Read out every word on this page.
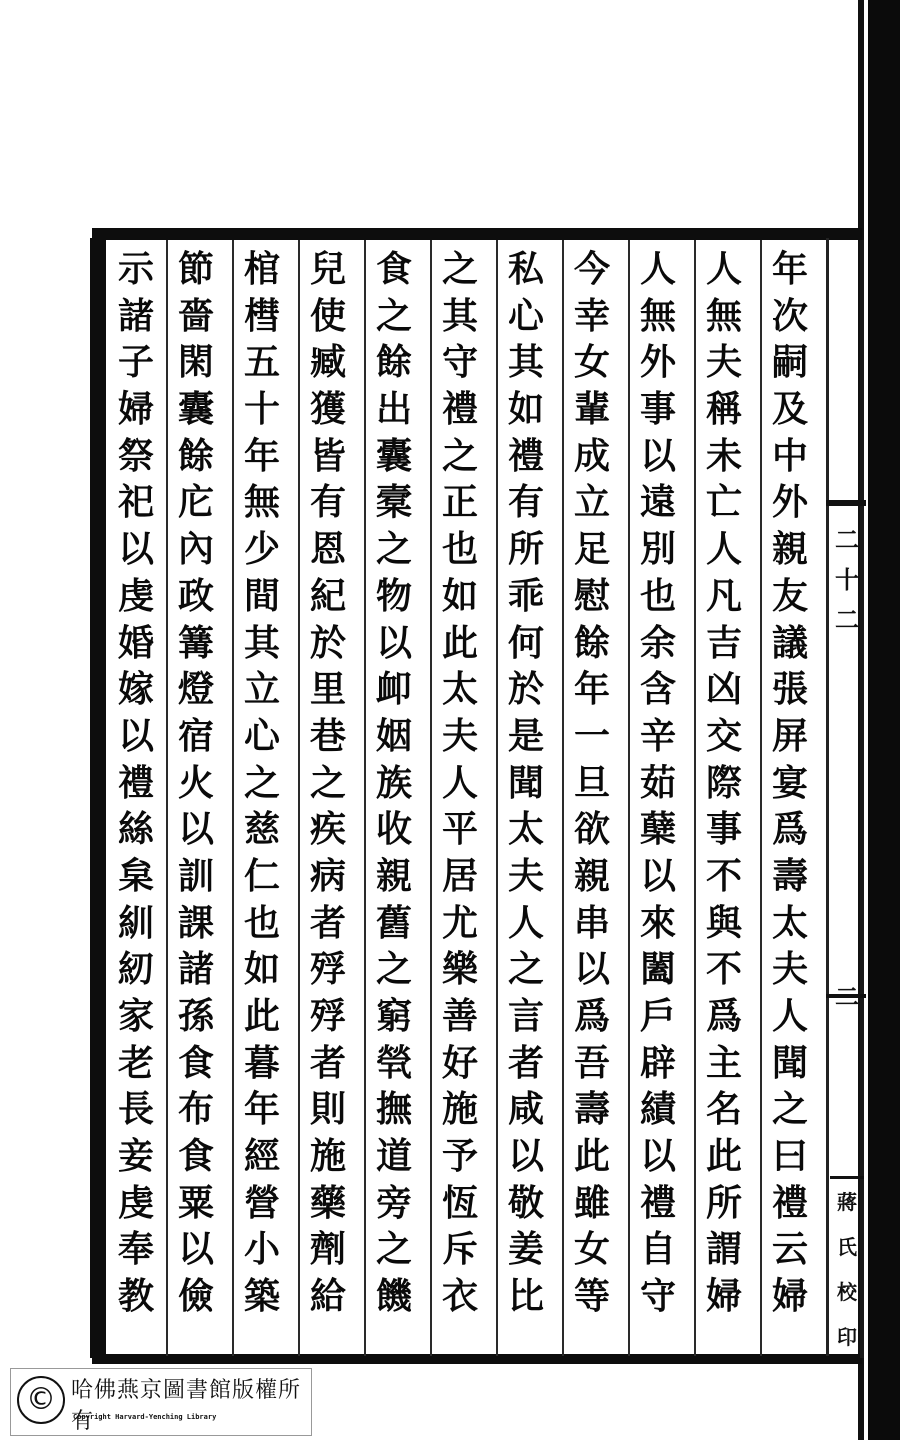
年
次
嗣
及
中
外
親
友
議
張
屏
宴
爲
壽
太
夫
人
聞
之
曰
禮
云
婦
人
無
夫
稱
未
亡
人
凡
吉
凶
交
際
事
不
與
不
爲
主
名
此
所
謂
婦
人
無
外
事
以
遠
別
也
余
含
辛
茹
蘖
以
來
闔
戶
辟
績
以
禮
自
守
今
幸
女
輩
成
立
足
慰
餘
年
一
旦
欲
親
串
以
爲
吾
壽
此
雖
女
等
私
心
其
如
禮
有
所
乖
何
於
是
聞
太
夫
人
之
言
者
咸
以
敬
姜
比
之
其
守
禮
之
正
也
如
此
太
夫
人
平
居
尤
樂
善
好
施
予
恆
斥
衣
食
之
餘
出
囊
槖
之
物
以
卹
姻
族
收
親
舊
之
窮
煢
撫
道
旁
之
饑
兒
使
臧
獲
皆
有
恩
紀
於
里
巷
之
疾
病
者
殍
殍
者
則
施
藥
劑
給
棺
槥
五
十
年
無
少
間
其
立
心
之
慈
仁
也
如
此
暮
年
經
營
小
築
節
嗇
閑
囊
餘
庀
內
政
篝
燈
宿
火
以
訓
課
諸
孫
食
布
食
粟
以
儉
示
諸
子
婦
祭
祀
以
虔
婚
嫁
以
禮
絲
枲
紃
紉
家
老
長
妾
虔
奉
教
二
十
二
蔣
氏
校
印
© 哈佛燕京圖書館版權所有
Copyright Harvard-Yenching Library
